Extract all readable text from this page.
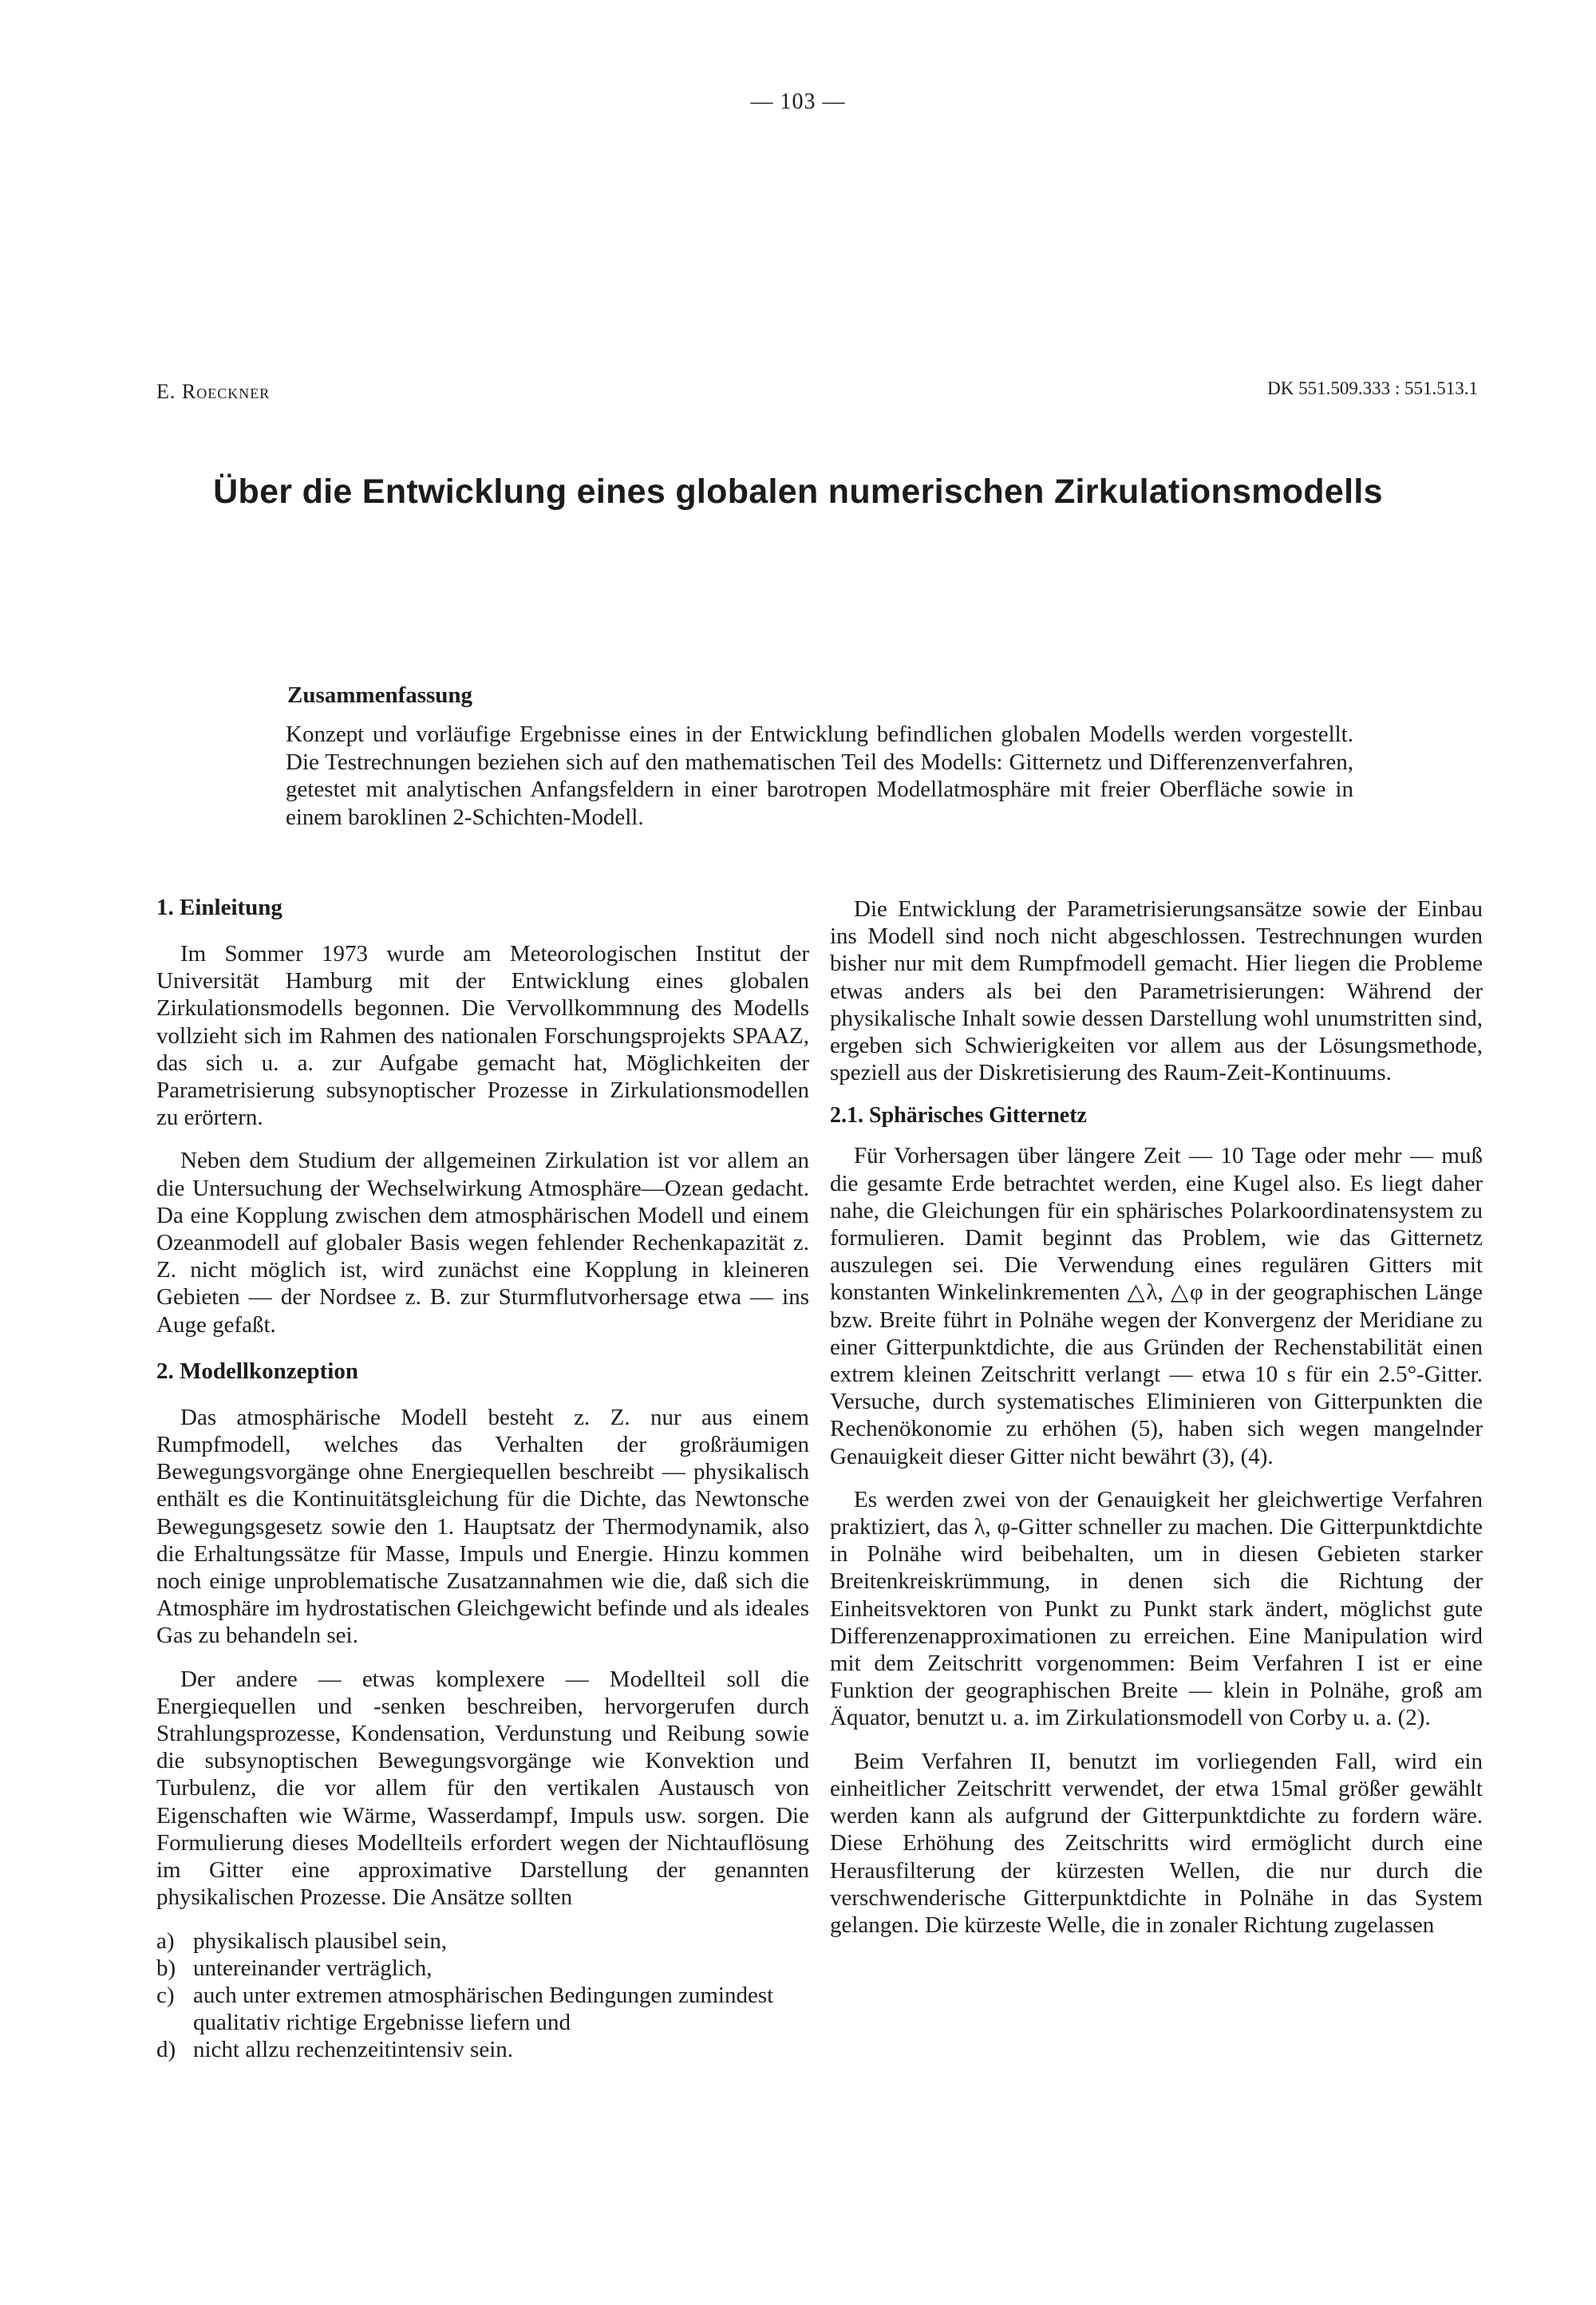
— 103 —
E. Roeckner	DK 551.509.333 : 551.513.1
Über die Entwicklung eines globalen numerischen Zirkulationsmodells
Zusammenfassung

Konzept und vorläufige Ergebnisse eines in der Entwicklung befindlichen globalen Modells werden vorgestellt. Die Testrechnungen beziehen sich auf den mathematischen Teil des Modells: Gitternetz und Differenzenverfahren, getestet mit analytischen Anfangsfeldern in einer barotropen Modellatmosphäre mit freier Oberfläche sowie in einem baroklinen 2-Schichten-Modell.

1. Einleitung

Im Sommer 1973 wurde am Meteorologischen Institut der Universität Hamburg mit der Entwicklung eines globalen Zirkulationsmodells begonnen. Die Vervollkommnung des Modells vollzieht sich im Rahmen des nationalen Forschungsprojekts SPAAZ, das sich u. a. zur Aufgabe gemacht hat, Möglichkeiten der Parametrisierung subsynoptischer Prozesse in Zirkulationsmodellen zu erörtern.

Neben dem Studium der allgemeinen Zirkulation ist vor allem an die Untersuchung der Wechselwirkung Atmosphäre—Ozean gedacht. Da eine Kopplung zwischen dem atmosphärischen Modell und einem Ozeanmodell auf globaler Basis wegen fehlender Rechenkapazität z. Z. nicht möglich ist, wird zunächst eine Kopplung in kleineren Gebieten — der Nordsee z. B. zur Sturmflutvorhersage etwa — ins Auge gefaßt.

2. Modellkonzeption

Das atmosphärische Modell besteht z. Z. nur aus einem Rumpfmodell, welches das Verhalten der großräumigen Bewegungsvorgänge ohne Energiequellen beschreibt — physikalisch enthält es die Kontinuitätsgleichung für die Dichte, das Newtonsche Bewegungsgesetz sowie den 1. Hauptsatz der Thermodynamik, also die Erhaltungssätze für Masse, Impuls und Energie. Hinzu kommen noch einige unproblematische Zusatzannahmen wie die, daß sich die Atmosphäre im hydrostatischen Gleichgewicht befinde und als ideales Gas zu behandeln sei.

Der andere — etwas komplexere — Modellteil soll die Energiequellen und -senken beschreiben, hervorgerufen durch Strahlungsprozesse, Kondensation, Verdunstung und Reibung sowie die subsynoptischen Bewegungsvorgänge wie Konvektion und Turbulenz, die vor allem für den vertikalen Austausch von Eigenschaften wie Wärme, Wasserdampf, Impuls usw. sorgen. Die Formulierung dieses Modellteils erfordert wegen der Nichtauflösung im Gitter eine approximative Darstellung der genannten physikalischen Prozesse. Die Ansätze sollten

a) physikalisch plausibel sein,
b) untereinander verträglich,
c) auch unter extremen atmosphärischen Bedingungen zumindest qualitativ richtige Ergebnisse liefern und
d) nicht allzu rechenzeitintensiv sein.

Die Entwicklung der Parametrisierungsansätze sowie der Einbau ins Modell sind noch nicht abgeschlossen. Testrechnungen wurden bisher nur mit dem Rumpfmodell gemacht. Hier liegen die Probleme etwas anders als bei den Parametrisierungen: Während der physikalische Inhalt sowie dessen Darstellung wohl unumstritten sind, ergeben sich Schwierigkeiten vor allem aus der Lösungsmethode, speziell aus der Diskretisierung des Raum-Zeit-Kontinuums.

2.1. Sphärisches Gitternetz

Für Vorhersagen über längere Zeit — 10 Tage oder mehr — muß die gesamte Erde betrachtet werden, eine Kugel also. Es liegt daher nahe, die Gleichungen für ein sphärisches Polarkoordinatensystem zu formulieren. Damit beginnt das Problem, wie das Gitternetz auszulegen sei. Die Verwendung eines regulären Gitters mit konstanten Winkelinkrementen △λ, △φ in der geographischen Länge bzw. Breite führt in Polnähe wegen der Konvergenz der Meridiane zu einer Gitterpunktdichte, die aus Gründen der Rechenstabilität einen extrem kleinen Zeitschritt verlangt — etwa 10 s für ein 2.5°-Gitter. Versuche, durch systematisches Eliminieren von Gitterpunkten die Rechenökonomie zu erhöhen (5), haben sich wegen mangelnder Genauigkeit dieser Gitter nicht bewährt (3), (4).

Es werden zwei von der Genauigkeit her gleichwertige Verfahren praktiziert, das λ, φ-Gitter schneller zu machen. Die Gitterpunktdichte in Polnähe wird beibehalten, um in diesen Gebieten starker Breitenkreiskrümmung, in denen sich die Richtung der Einheitsvektoren von Punkt zu Punkt stark ändert, möglichst gute Differenzenapproximationen zu erreichen. Eine Manipulation wird mit dem Zeitschritt vorgenommen: Beim Verfahren I ist er eine Funktion der geographischen Breite — klein in Polnähe, groß am Äquator, benutzt u. a. im Zirkulationsmodell von Corby u. a. (2).

Beim Verfahren II, benutzt im vorliegenden Fall, wird ein einheitlicher Zeitschritt verwendet, der etwa 15mal größer gewählt werden kann als aufgrund der Gitterpunktdichte zu fordern wäre. Diese Erhöhung des Zeitschritts wird ermöglicht durch eine Herausfilterung der kürzesten Wellen, die nur durch die verschwenderische Gitterpunktdichte in Polnähe in das System gelangen. Die kürzeste Welle, die in zonaler Richtung zugelassen
